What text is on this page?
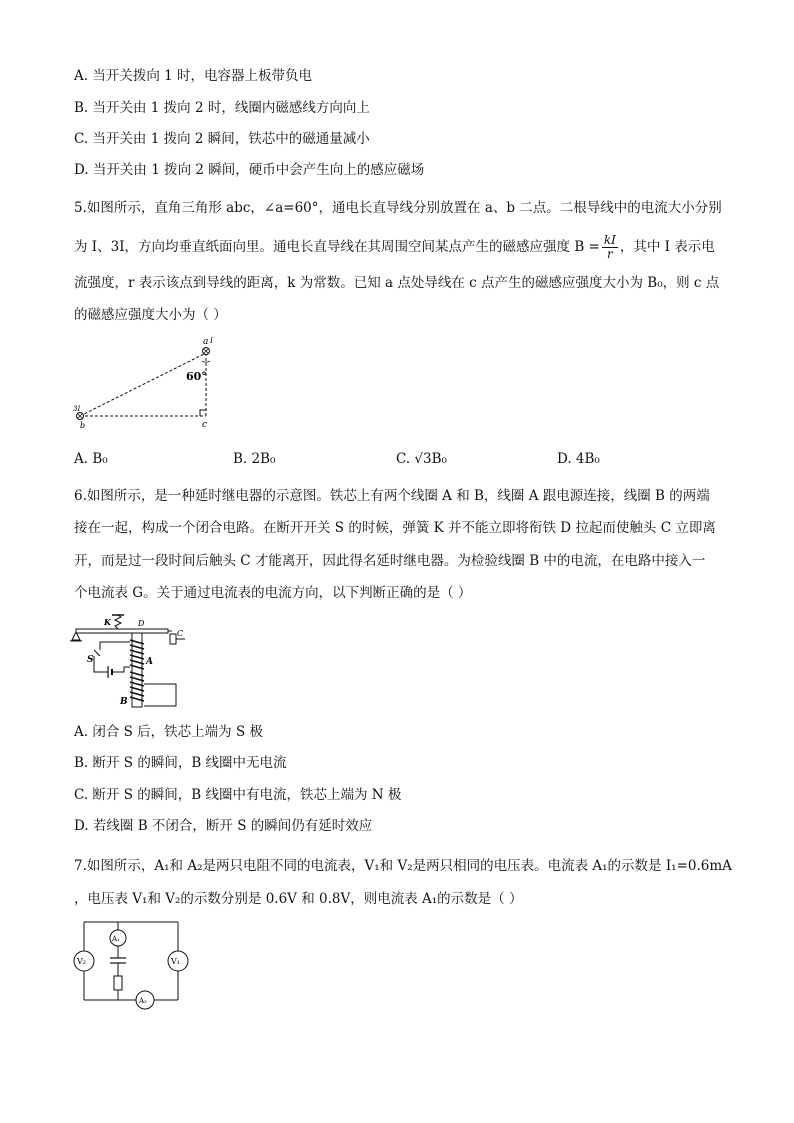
A. 当开关拨向 1 时，电容器上板带负电
B. 当开关由 1 拨向 2 时，线圈内磁感线方向向上
C. 当开关由 1 拨向 2 瞬间，铁芯中的磁通量减小
D. 当开关由 1 拨向 2 瞬间，硬币中会产生向上的感应磁场
5.如图所示，直角三角形 abc，∠a=60°，通电长直导线分别放置在 a、b 二点。二根导线中的电流大小分别
为 I、3I，方向均垂直纸面向里。通电长直导线在其周围空间某点产生的磁感应强度 $B = \frac{kI}{r}$ ，其中 I 表示电
流强度，r 表示该点到导线的距离，k 为常数。已知 a 点处导线在 c 点产生的磁感应强度大小为 B₀，则 c 点
的磁感应强度大小为（ ）
a I
60°
3I
b	c
A. B₀	B. 2B₀	C. √3B₀	D. 4B₀
6.如图所示，是一种延时继电器的示意图。铁芯上有两个线圈 A 和 B，线圈 A 跟电源连接，线圈 B 的两端
接在一起，构成一个闭合电路。在断开开关 S 的时候，弹簧 K 并不能立即将衔铁 D 拉起而使触头 C 立即离
开，而是过一段时间后触头 C 才能离开，因此得名延时继电器。为检验线圈 B 中的电流，在电路中接入一
个电流表 G。关于通过电流表的电流方向，以下判断正确的是（ ）
K	D
C
S	A
B
A. 闭合 S 后，铁芯上端为 S 极
B. 断开 S 的瞬间，B 线圈中无电流
C. 断开 S 的瞬间，B 线圈中有电流，铁芯上端为 N 极
D. 若线圈 B 不闭合，断开 S 的瞬间仍有延时效应
7.如图所示，A₁和 A₂是两只电阻不同的电流表，V₁和 V₂是两只相同的电压表。电流表 A₁的示数是 I₁=0.6mA
，电压表 V₁和 V₂的示数分别是 0.6V 和 0.8V，则电流表 A₁的示数是（ ）
A₁
V₂	V₁
A₂
